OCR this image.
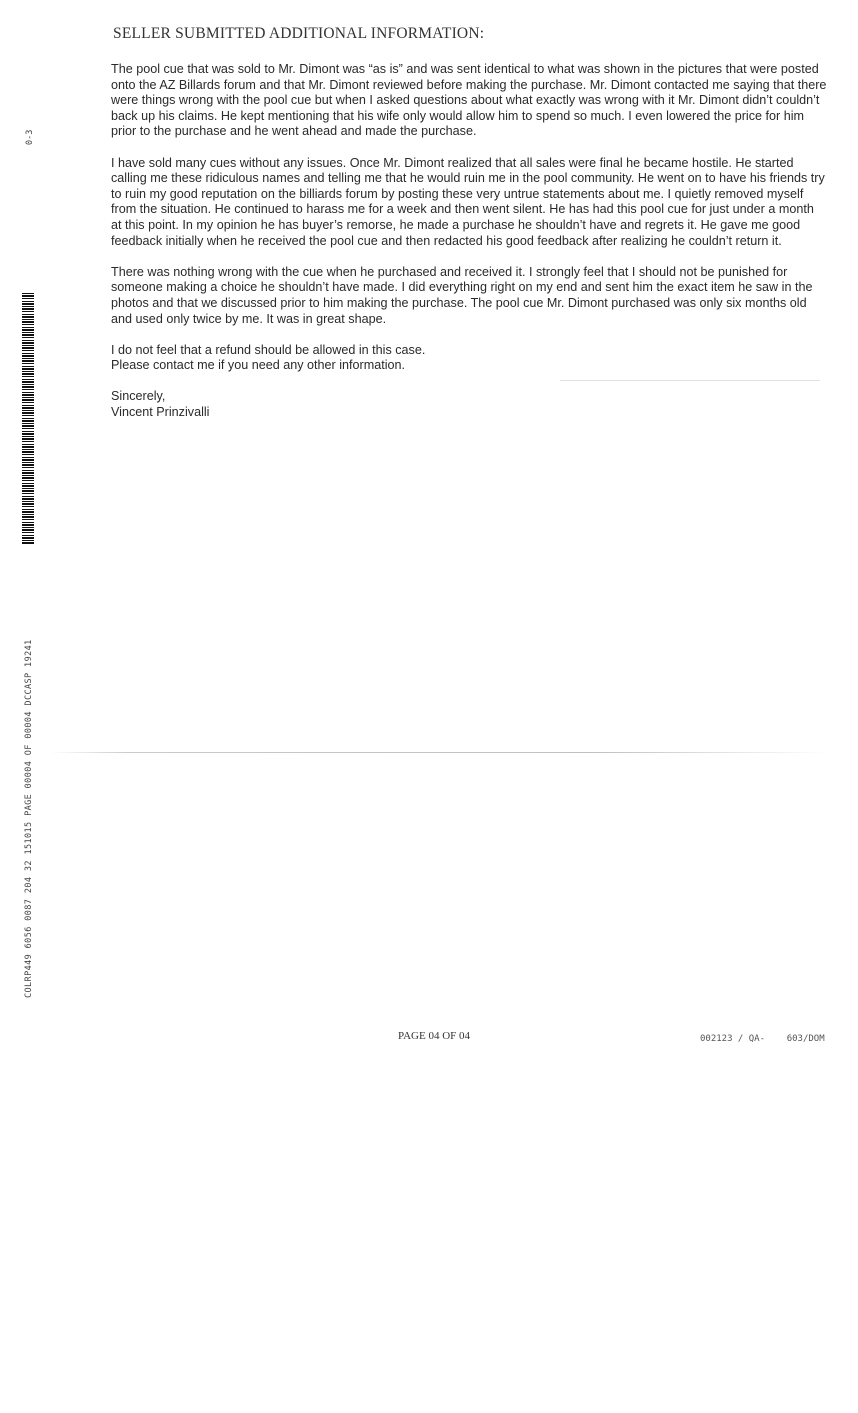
0-3
COLRP449 6056 0087 204 32 151015 PAGE 00004 OF 00004 DCCASP 19241
SELLER SUBMITTED ADDITIONAL INFORMATION:

The pool cue that was sold to Mr. Dimont was “as is” and was sent identical to what was shown in the pictures that were posted onto the AZ Billards forum and that Mr. Dimont reviewed before making the purchase. Mr. Dimont contacted me saying that there were things wrong with the pool cue but when I asked questions about what exactly was wrong with it Mr. Dimont didn’t couldn’t back up his claims. He kept mentioning that his wife only would allow him to spend so much. I even lowered the price for him prior to the purchase and he went ahead and made the purchase.

I have sold many cues without any issues. Once Mr. Dimont realized that all sales were final he became hostile. He started calling me these ridiculous names and telling me that he would ruin me in the pool community. He went on to have his friends try to ruin my good reputation on the billiards forum by posting these very untrue statements about me. I quietly removed myself from the situation. He continued to harass me for a week and then went silent. He has had this pool cue for just under a month at this point. In my opinion he has buyer’s remorse, he made a purchase he shouldn’t have and regrets it. He gave me good feedback initially when he received the pool cue and then redacted his good feedback after realizing he couldn’t return it.

There was nothing wrong with the cue when he purchased and received it. I strongly feel that I should not be punished for someone making a choice he shouldn’t have made. I did everything right on my end and sent him the exact item he saw in the photos and that we discussed prior to him making the purchase. The pool cue Mr. Dimont purchased was only six months old and used only twice by me. It was in great shape.

I do not feel that a refund should be allowed in this case.

Please contact me if you need any other information.

Sincerely,
Vincent Prinzivalli
PAGE 04 OF 04	002123 / QA-    603/DOM
